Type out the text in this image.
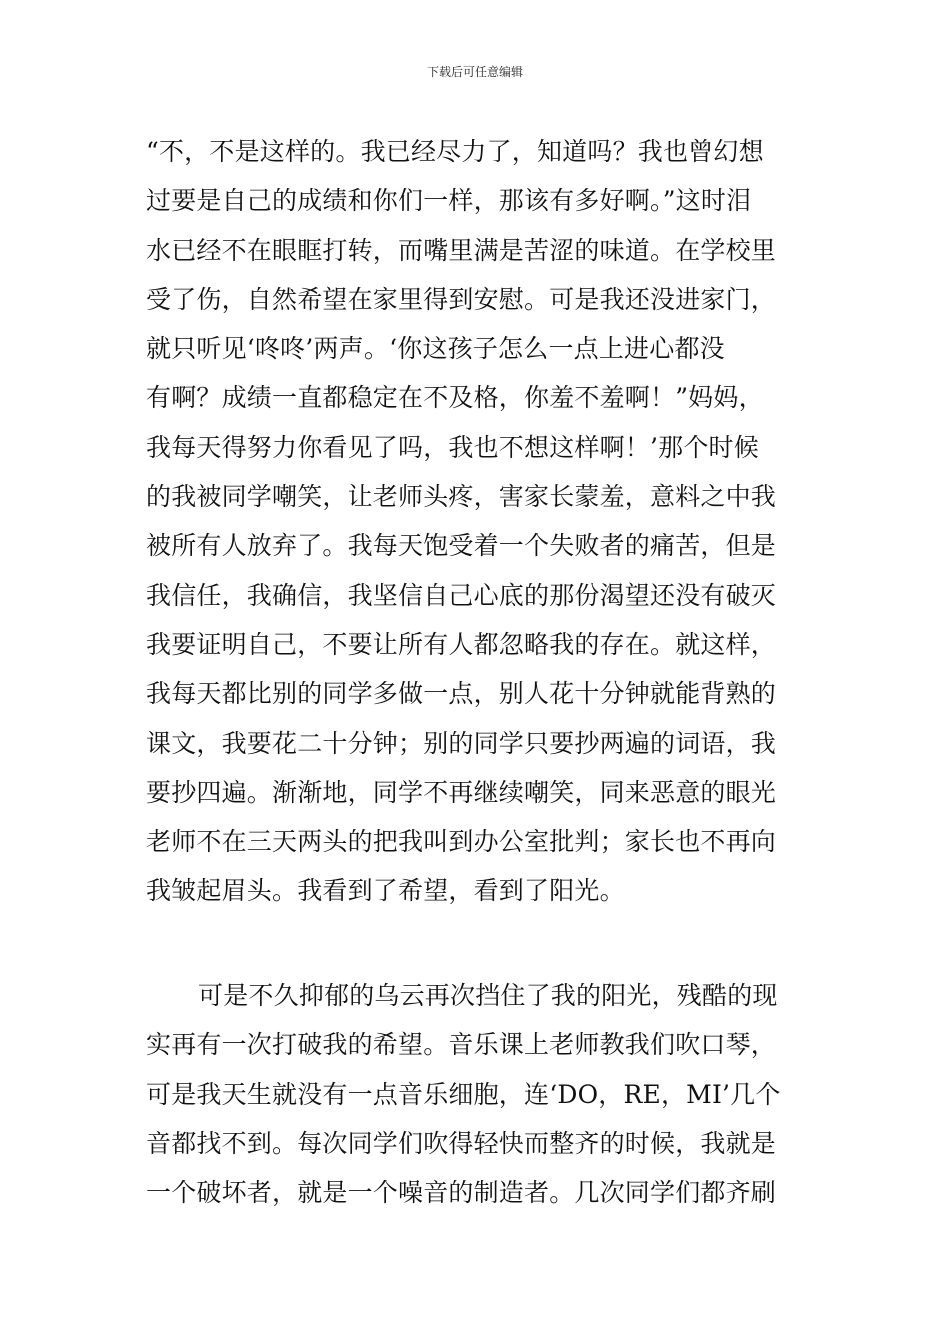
下载后可任意编辑
“不，不是这样的。我已经尽力了，知道吗？我也曾幻想
过要是自己的成绩和你们一样，那该有多好啊。”这时泪
水已经不在眼眶打转，而嘴里满是苦涩的味道。在学校里
受了伤，自然希望在家里得到安慰。可是我还没进家门，
就只听见‘咚咚’两声。‘你这孩子怎么一点上进心都没
有啊？成绩一直都稳定在不及格，你羞不羞啊！”妈妈，
我每天得努力你看见了吗，我也不想这样啊！’那个时候
的我被同学嘲笑，让老师头疼，害家长蒙羞，意料之中我
被所有人放弃了。我每天饱受着一个失败者的痛苦，但是
我信任，我确信，我坚信自己心底的那份渴望还没有破灭
我要证明自己，不要让所有人都忽略我的存在。就这样，
我每天都比别的同学多做一点，别人花十分钟就能背熟的
课文，我要花二十分钟；别的同学只要抄两遍的词语，我
要抄四遍。渐渐地，同学不再继续嘲笑，同来恶意的眼光
老师不在三天两头的把我叫到办公室批判；家长也不再向
我皱起眉头。我看到了希望，看到了阳光。
可是不久抑郁的乌云再次挡住了我的阳光，残酷的现
实再有一次打破我的希望。音乐课上老师教我们吹口琴，
可是我天生就没有一点音乐细胞，连‘DO，RE，MI’几个
音都找不到。每次同学们吹得轻快而整齐的时候，我就是
一个破坏者，就是一个噪音的制造者。几次同学们都齐刷
